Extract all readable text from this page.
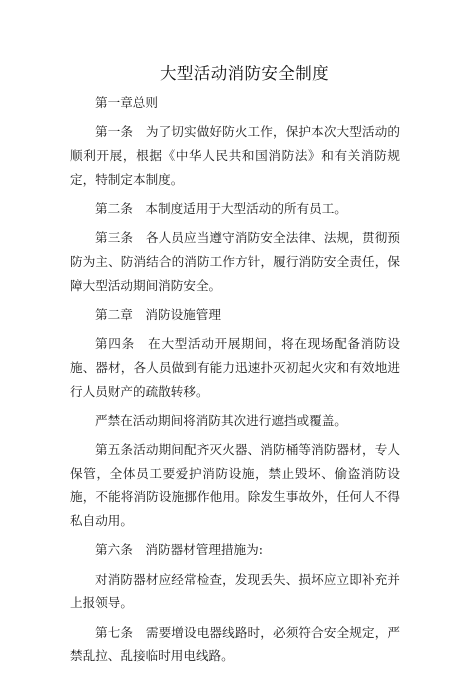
大型活动消防安全制度

第一章总则

第一条　为了切实做好防火工作，保护本次大型活动的顺利开展，根据《中华人民共和国消防法》和有关消防规定，特制定本制度。

第二条　本制度适用于大型活动的所有员工。

第三条　各人员应当遵守消防安全法律、法规，贯彻预防为主、防消结合的消防工作方针，履行消防安全责任，保障大型活动期间消防安全。

第二章　消防设施管理

第四条　在大型活动开展期间，将在现场配备消防设施、器材，各人员做到有能力迅速扑灭初起火灾和有效地进行人员财产的疏散转移。

严禁在活动期间将消防其次进行遮挡或覆盖。

第五条活动期间配齐灭火器、消防桶等消防器材，专人保管，全体员工要爱护消防设施，禁止毁坏、偷盗消防设施，不能将消防设施挪作他用。除发生事故外，任何人不得私自动用。

第六条　消防器材管理措施为:

对消防器材应经常检查，发现丢失、损坏应立即补充并上报领导。

第七条　需要增设电器线路时，必须符合安全规定，严禁乱拉、乱接临时用电线路。
